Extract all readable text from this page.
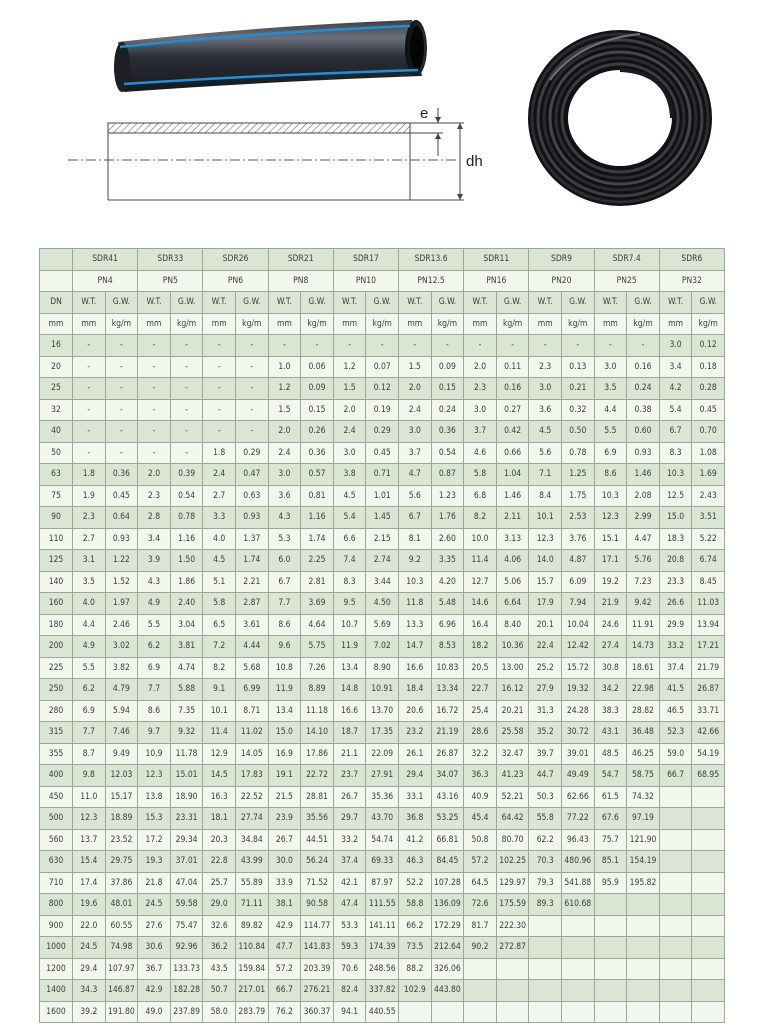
e
dh
	SDR41		SDR33		SDR26		SDR21		SDR17		SDR13.6		SDR11		SDR9		SDR7.4		SDR6	
	PN4		PN5		PN6		PN8		PN10		PN12.5		PN16		PN20		PN25		PN32	
DN	W.T.	G.W.	W.T.	G.W.	W.T.	G.W.	W.T.	G.W.	W.T.	G.W.	W.T.	G.W.	W.T.	G.W.	W.T.	G.W.	W.T.	G.W.	W.T.	G.W.
mm	mm	kg/m	mm	kg/m	mm	kg/m	mm	kg/m	mm	kg/m	mm	kg/m	mm	kg/m	mm	kg/m	mm	kg/m	mm	kg/m
16	-	-	-	-	-	-	-	-	-	-	-	-	-	-	-	-	-	-	3.0	0.12
20	-	-	-	-	-	-	1.0	0.06	1.2	0.07	1.5	0.09	2.0	0.11	2.3	0.13	3.0	0.16	3.4	0.18
25	-	-	-	-	-	-	1.2	0.09	1.5	0.12	2.0	0.15	2.3	0.16	3.0	0.21	3.5	0.24	4.2	0.28
32	-	-	-	-	-	-	1.5	0.15	2.0	0.19	2.4	0.24	3.0	0.27	3.6	0.32	4.4	0.38	5.4	0.45
40	-	-	-	-	-	-	2.0	0.26	2.4	0.29	3.0	0.36	3.7	0.42	4.5	0.50	5.5	0.60	6.7	0.70
50	-	-	-	-	1.8	0.29	2.4	0.36	3.0	0.45	3.7	0.54	4.6	0.66	5.6	0.78	6.9	0.93	8.3	1.08
63	1.8	0.36	2.0	0.39	2.4	0.47	3.0	0.57	3.8	0.71	4.7	0.87	5.8	1.04	7.1	1.25	8.6	1.46	10.3	1.69
75	1.9	0.45	2.3	0.54	2.7	0.63	3.6	0.81	4.5	1.01	5.6	1.23	6.8	1.46	8.4	1.75	10.3	2.08	12.5	2.43
90	2.3	0.64	2.8	0.78	3.3	0.93	4.3	1.16	5.4	1.45	6.7	1.76	8.2	2.11	10.1	2.53	12.3	2.99	15.0	3.51
110	2.7	0.93	3.4	1.16	4.0	1.37	5.3	1.74	6.6	2.15	8.1	2.60	10.0	3.13	12.3	3.76	15.1	4.47	18.3	5.22
125	3.1	1.22	3.9	1.50	4.5	1.74	6.0	2.25	7.4	2.74	9.2	3.35	11.4	4.06	14.0	4.87	17.1	5.76	20.8	6.74
140	3.5	1.52	4.3	1.86	5.1	2.21	6.7	2.81	8.3	3.44	10.3	4.20	12.7	5.06	15.7	6.09	19.2	7.23	23.3	8.45
160	4.0	1.97	4.9	2.40	5.8	2.87	7.7	3.69	9.5	4.50	11.8	5.48	14.6	6.64	17.9	7.94	21.9	9.42	26.6	11.03
180	4.4	2.46	5.5	3.04	6.5	3.61	8.6	4.64	10.7	5.69	13.3	6.96	16.4	8.40	20.1	10.04	24.6	11.91	29.9	13.94
200	4.9	3.02	6.2	3.81	7.2	4.44	9.6	5.75	11.9	7.02	14.7	8.53	18.2	10.36	22.4	12.42	27.4	14.73	33.2	17.21
225	5.5	3.82	6.9	4.74	8.2	5.68	10.8	7.26	13.4	8.90	16.6	10.83	20.5	13.00	25.2	15.72	30.8	18.61	37.4	21.79
250	6.2	4.79	7.7	5.88	9.1	6.99	11.9	8.89	14.8	10.91	18.4	13.34	22.7	16.12	27.9	19.32	34.2	22.98	41.5	26.87
280	6.9	5.94	8.6	7.35	10.1	8.71	13.4	11.18	16.6	13.70	20.6	16.72	25.4	20.21	31.3	24.28	38.3	28.82	46.5	33.71
315	7.7	7.46	9.7	9.32	11.4	11.02	15.0	14.10	18.7	17.35	23.2	21.19	28.6	25.58	35.2	30.72	43.1	36.48	52.3	42.66
355	8.7	9.49	10.9	11.78	12.9	14.05	16.9	17.86	21.1	22.09	26.1	26.87	32.2	32.47	39.7	39.01	48.5	46.25	59.0	54.19
400	9.8	12.03	12.3	15.01	14.5	17.83	19.1	22.72	23.7	27.91	29.4	34.07	36.3	41.23	44.7	49.49	54.7	58.75	66.7	68.95
450	11.0	15.17	13.8	18.90	16.3	22.52	21.5	28.81	26.7	35.36	33.1	43.16	40.9	52.21	50.3	62.66	61.5	74.32		
500	12.3	18.89	15.3	23.31	18.1	27.74	23.9	35.56	29.7	43.70	36.8	53.25	45.4	64.42	55.8	77.22	67.6	97.19		
560	13.7	23.52	17.2	29.34	20.3	34.84	26.7	44.51	33.2	54.74	41.2	66.81	50.8	80.70	62.2	96.43	75.7	121.90		
630	15.4	29.75	19.3	37.01	22.8	43.99	30.0	56.24	37.4	69.33	46.3	84.45	57.2	102.25	70.3	480.96	85.1	154.19		
710	17.4	37.86	21.8	47.04	25.7	55.89	33.9	71.52	42.1	87.97	52.2	107.28	64.5	129.97	79.3	541.88	95.9	195.82		
800	19.6	48.01	24.5	59.58	29.0	71.11	38.1	90.58	47.4	111.55	58.8	136.09	72.6	175.59	89.3	610.68				
900	22.0	60.55	27.6	75.47	32.6	89.82	42.9	114.77	53.3	141.11	66.2	172.29	81.7	222.30						
1000	24.5	74.98	30.6	92.96	36.2	110.84	47.7	141.83	59.3	174.39	73.5	212.64	90.2	272.87						
1200	29.4	107.97	36.7	133.73	43.5	159.84	57.2	203.39	70.6	248.56	88.2	326.06								
1400	34.3	146.87	42.9	182.28	50.7	217.01	66.7	276.21	82.4	337.82	102.9	443.80								
1600	39.2	191.80	49.0	237.89	58.0	283.79	76.2	360.37	94.1	440.55										
